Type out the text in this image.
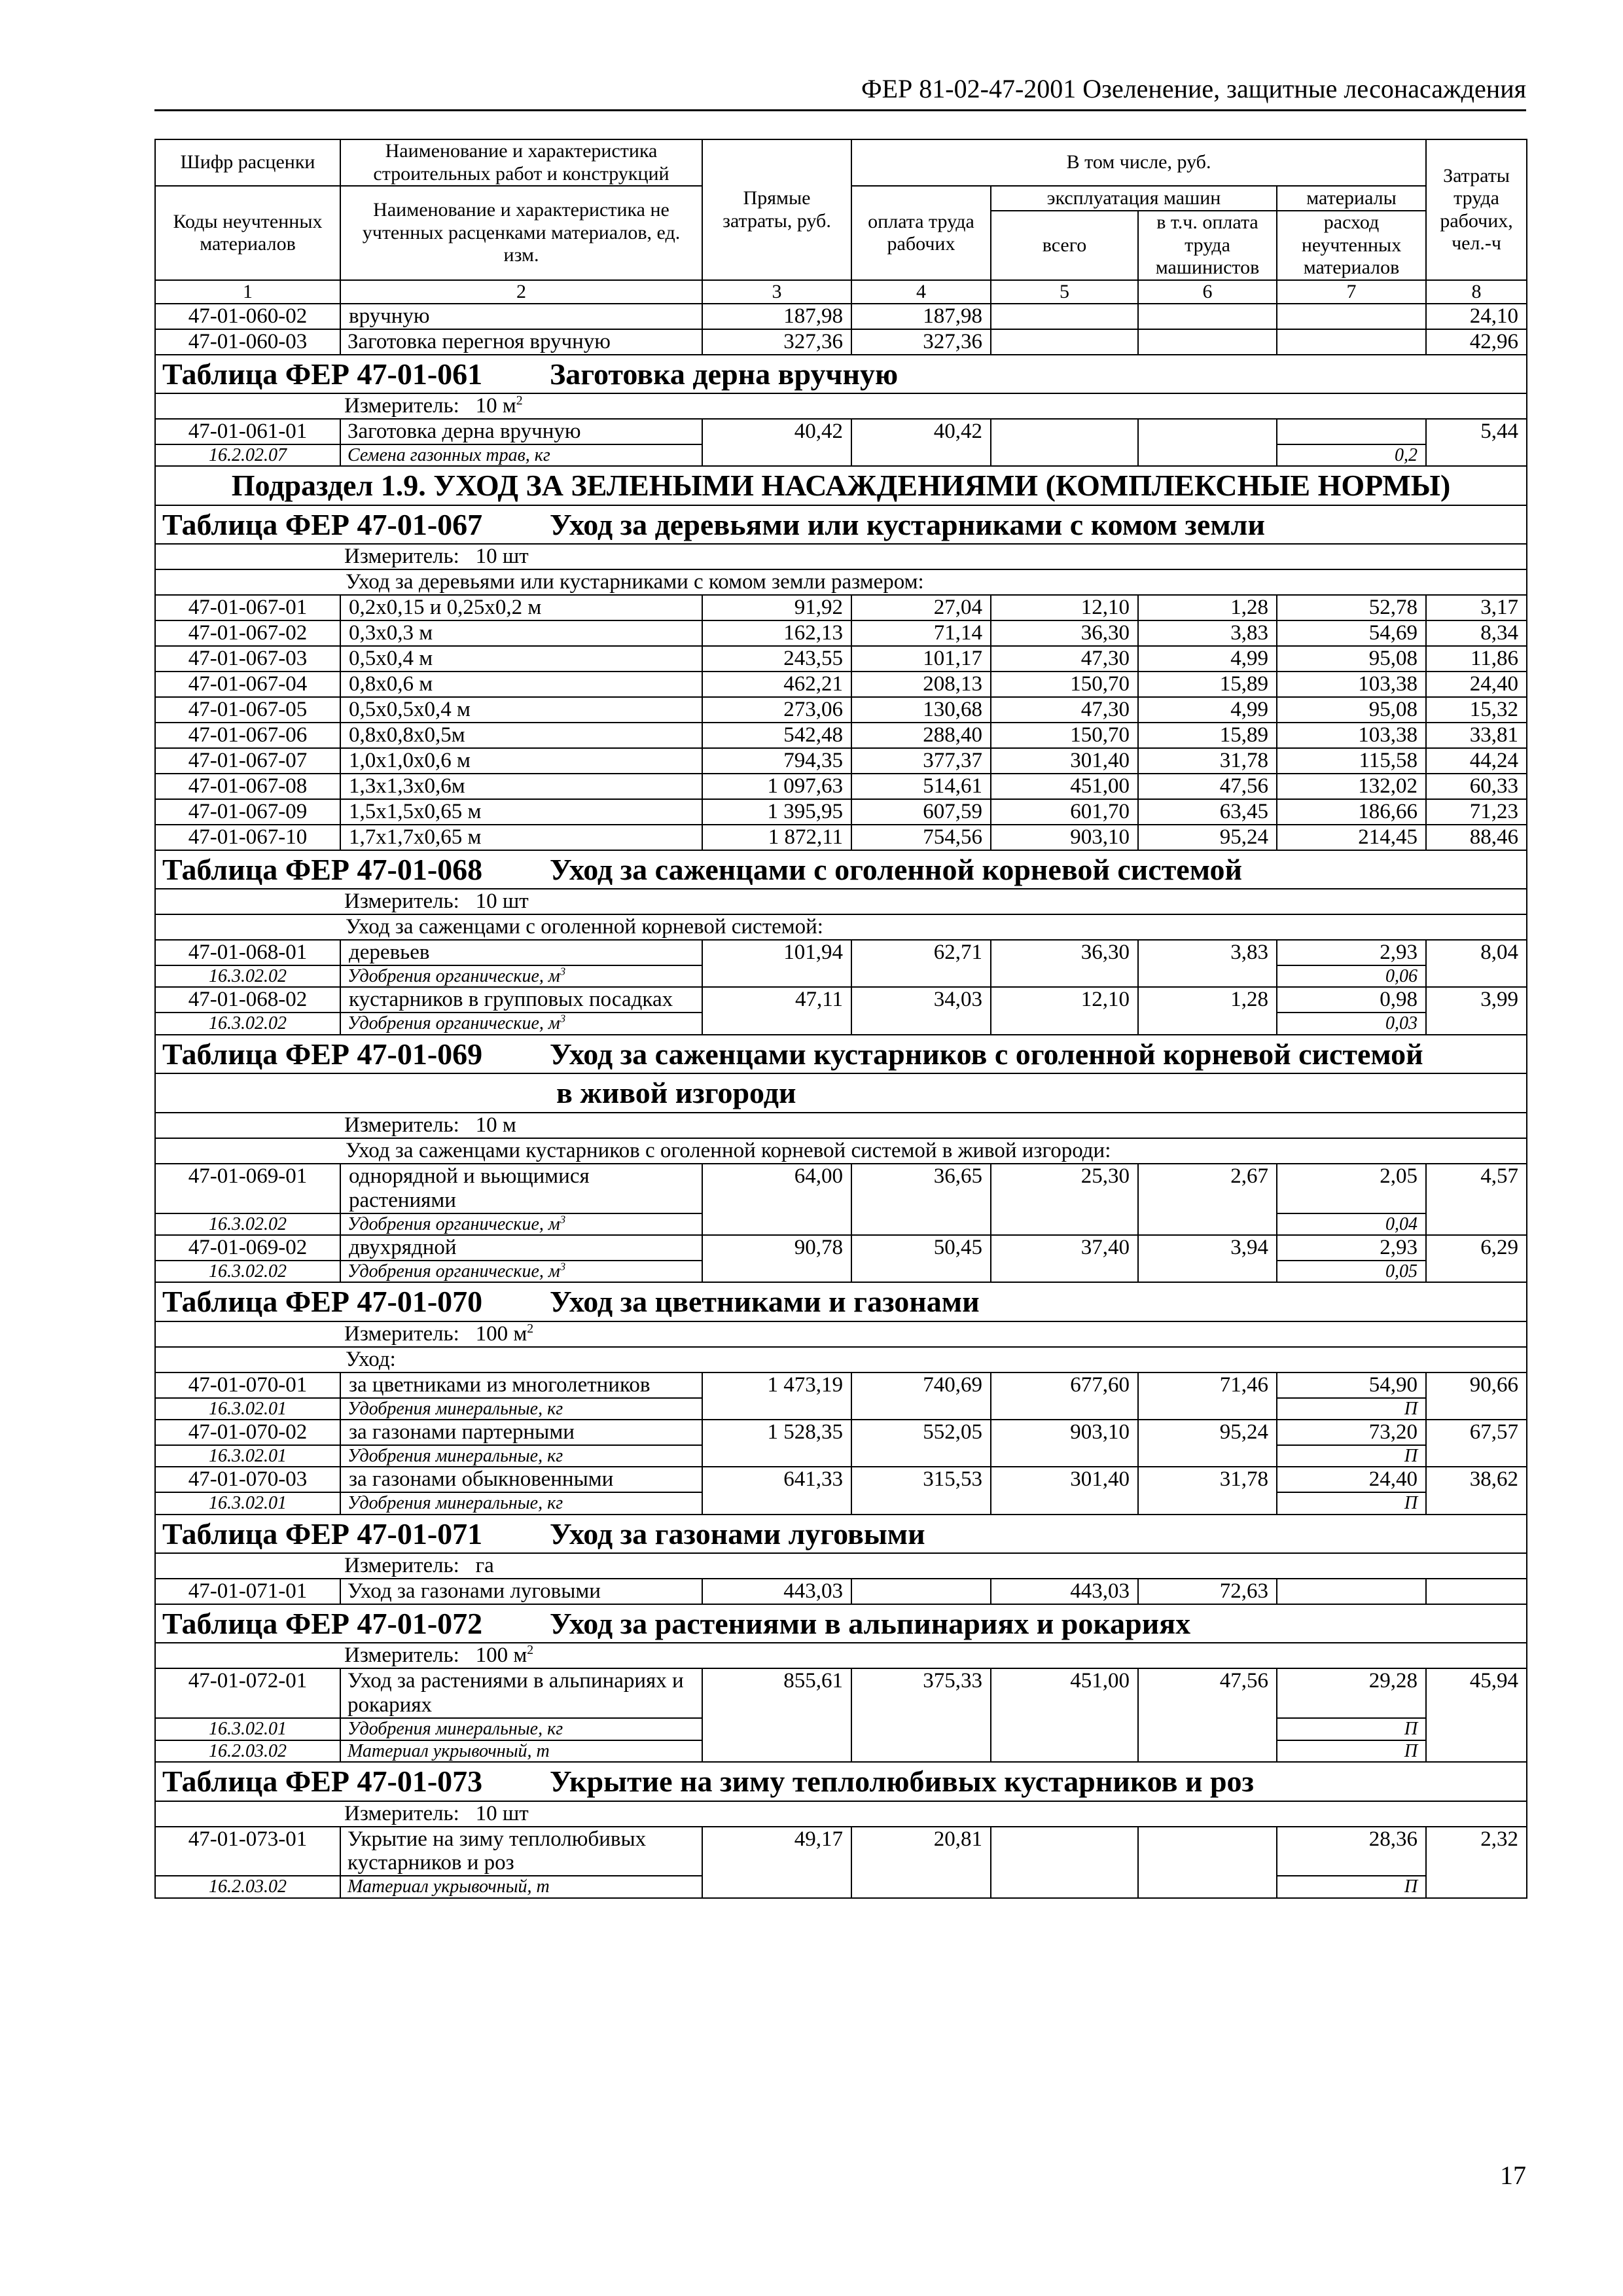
ФЕР 81-02-47-2001 Озеленение, защитные лесонасаждения
Шифр расценки	Наименование и характеристика строительных работ и конструкций	Прямые затраты, руб.	В том числе, руб.				Затраты труда рабочих, чел.-ч
Коды неучтенных материалов	Наименование и характеристика не учтенных расценками материалов, ед. изм.		оплата труда рабочих	эксплуатация машин		материалы	
				всего	в т.ч. оплата труда машинистов	расход неучтенных материалов	
1	2	3	4	5	6	7	8
47-01-060-02	вручную	187,98	187,98				24,10
47-01-060-03	Заготовка перегноя вручную	327,36	327,36				42,96
Таблица ФЕР 47-01-061 Заготовка дерна вручную							
Измеритель: 10 $м^2$
47-01-061-01	Заготовка дерна вручную	40,42	40,42				5,44
16.2.02.07	Семена газонных трав, кг					0,2	
Подраздел 1.9. УХОД ЗА ЗЕЛЕНЫМИ НАСАЖДЕНИЯМИ (КОМПЛЕКСНЫЕ НОРМЫ)							
Таблица ФЕР 47-01-067 Уход за деревьями или кустарниками с комом земли							
Измеритель: 10 шт							
Уход за деревьями или кустарниками с комом земли размером:							
47-01-067-01	0,2х0,15 и 0,25х0,2 м	91,92	27,04	12,10	1,28	52,78	3,17
47-01-067-02	0,3х0,3 м	162,13	71,14	36,30	3,83	54,69	8,34
47-01-067-03	0,5х0,4 м	243,55	101,17	47,30	4,99	95,08	11,86
47-01-067-04	0,8х0,6 м	462,21	208,13	150,70	15,89	103,38	24,40
47-01-067-05	0,5х0,5х0,4 м	273,06	130,68	47,30	4,99	95,08	15,32
47-01-067-06	0,8х0,8х0,5м	542,48	288,40	150,70	15,89	103,38	33,81
47-01-067-07	1,0х1,0х0,6 м	794,35	377,37	301,40	31,78	115,58	44,24
47-01-067-08	1,3х1,3х0,6м	1 097,63	514,61	451,00	47,56	132,02	60,33
47-01-067-09	1,5х1,5х0,65 м	1 395,95	607,59	601,70	63,45	186,66	71,23
47-01-067-10	1,7х1,7х0,65 м	1 872,11	754,56	903,10	95,24	214,45	88,46
Таблица ФЕР 47-01-068 Уход за саженцами с оголенной корневой системой							
Измеритель: 10 шт							
Уход за саженцами с оголенной корневой системой:							
47-01-068-01	деревьев	101,94	62,71	36,30	3,83	2,93	8,04
16.3.02.02	Удобрения органические, $м^3$					0,06	
47-01-068-02	кустарников в групповых посадках	47,11	34,03	12,10	1,28	0,98	3,99
16.3.02.02	Удобрения органические, $м^3$					0,03	
Таблица ФЕР 47-01-069 Уход за саженцами кустарников с оголенной корневой системой							
в живой изгороди							
Измеритель: 10 м							
Уход за саженцами кустарников с оголенной корневой системой в живой изгороди:							
47-01-069-01	однорядной и вьющимися растениями	64,00	36,65	25,30	2,67	2,05	4,57
16.3.02.02	Удобрения органические, $м^3$					0,04	
47-01-069-02	двухрядной	90,78	50,45	37,40	3,94	2,93	6,29
16.3.02.02	Удобрения органические, $м^3$					0,05	
Таблица ФЕР 47-01-070 Уход за цветниками и газонами							
Измеритель: 100 $м^2$
Уход:							
47-01-070-01	за цветниками из многолетников	1 473,19	740,69	677,60	71,46	54,90	90,66
16.3.02.01	Удобрения минеральные, кг					П	
47-01-070-02	за газонами партерными	1 528,35	552,05	903,10	95,24	73,20	67,57
16.3.02.01	Удобрения минеральные, кг					П	
47-01-070-03	за газонами обыкновенными	641,33	315,53	301,40	31,78	24,40	38,62
16.3.02.01	Удобрения минеральные, кг					П	
Таблица ФЕР 47-01-071 Уход за газонами луговыми							
Измеритель: га							
47-01-071-01	Уход за газонами луговыми	443,03		443,03	72,63		
Таблица ФЕР 47-01-072 Уход за растениями в альпинариях и рокариях							
Измеритель: 100 $м^2$
47-01-072-01	Уход за растениями в альпинариях и рокариях	855,61	375,33	451,00	47,56	29,28	45,94
16.3.02.01	Удобрения минеральные, кг					П	
16.2.03.02	Материал укрывочный, т					П	
Таблица ФЕР 47-01-073 Укрытие на зиму теплолюбивых кустарников и роз							
Измеритель: 10 шт							
47-01-073-01	Укрытие на зиму теплолюбивых кустарников и роз	49,17	20,81			28,36	2,32
16.2.03.02	Материал укрывочный, т					П	
17
